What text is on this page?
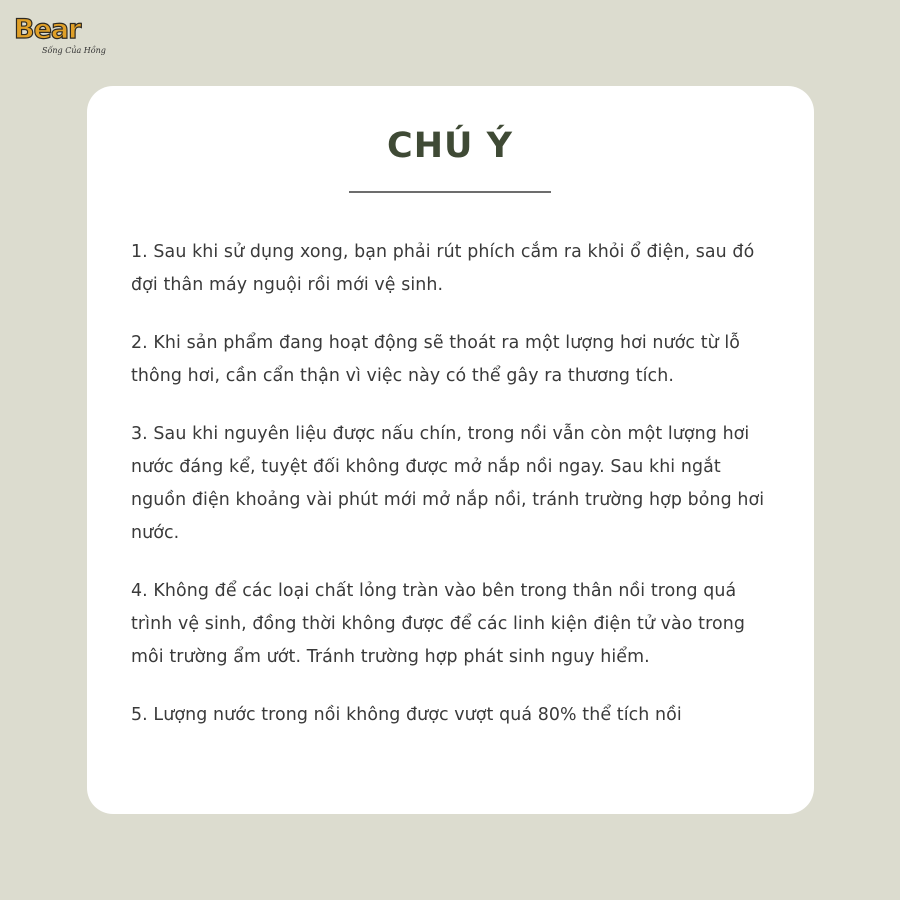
Bear
Sống Của Hồng
CHÚ Ý
1. Sau khi sử dụng xong, bạn phải rút phích cắm ra khỏi ổ điện, sau đó đợi thân máy nguội rồi mới vệ sinh.
2. Khi sản phẩm đang hoạt động sẽ thoát ra một lượng hơi nước từ lỗ thông hơi, cần cẩn thận vì việc này có thể gây ra thương tích.
3. Sau khi nguyên liệu được nấu chín, trong nồi vẫn còn một lượng hơi nước đáng kể, tuyệt đối không được mở nắp nồi ngay. Sau khi ngắt nguồn điện khoảng vài phút mới mở nắp nồi, tránh trường hợp bỏng hơi nước.
4. Không để các loại chất lỏng tràn vào bên trong thân nồi trong quá trình vệ sinh, đồng thời không được để các linh kiện điện tử vào trong môi trường ẩm ướt. Tránh trường hợp phát sinh nguy hiểm.
5. Lượng nước trong nồi không được vượt quá 80% thể tích nồi
